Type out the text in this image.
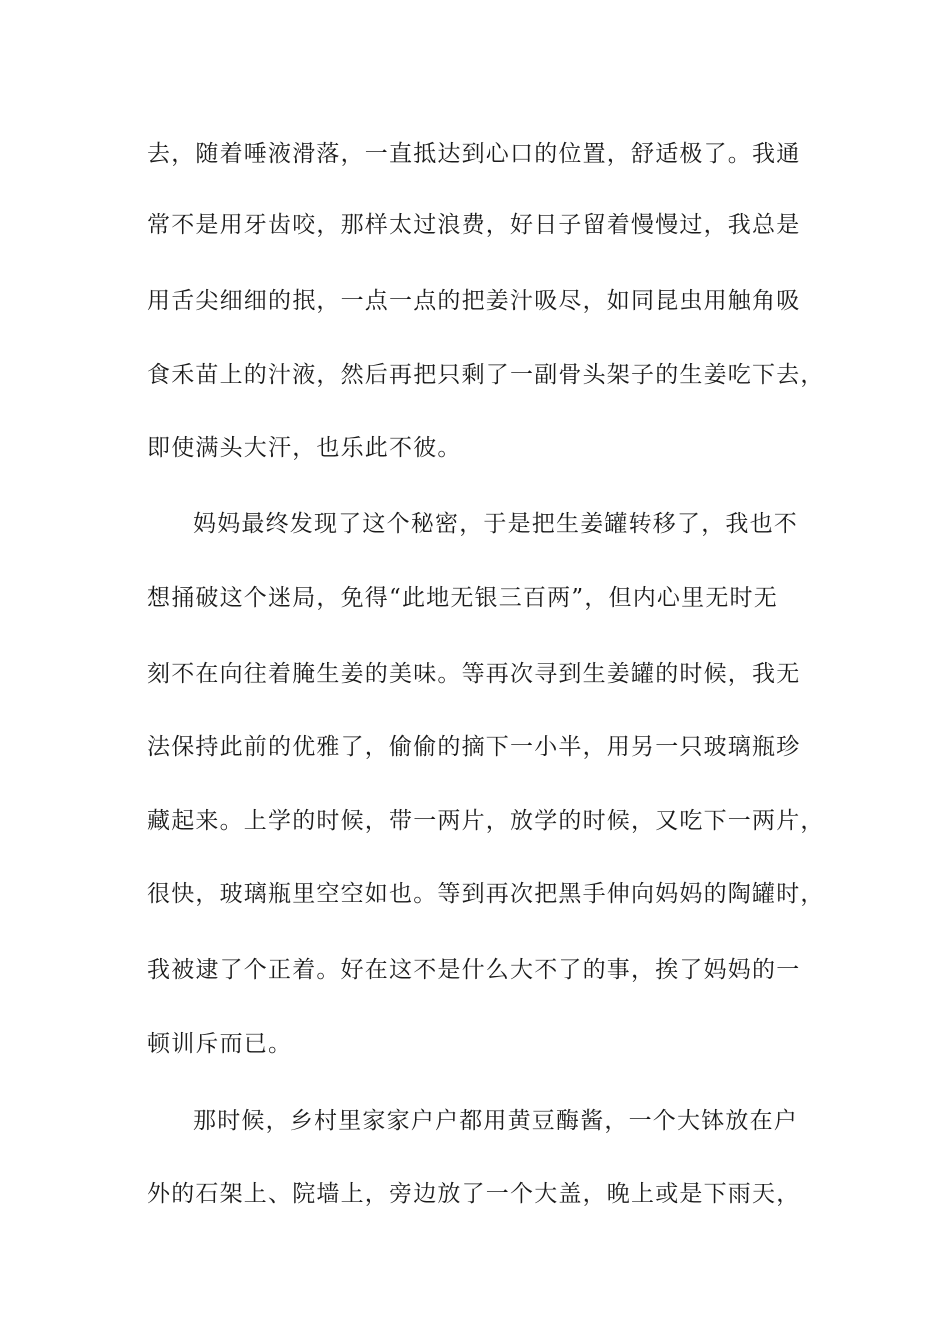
去，随着唾液滑落，一直抵达到心口的位置，舒适极了。我通
常不是用牙齿咬，那样太过浪费，好日子留着慢慢过，我总是
用舌尖细细的抿，一点一点的把姜汁吸尽，如同昆虫用触角吸
食禾苗上的汁液，然后再把只剩了一副骨头架子的生姜吃下去，
即使满头大汗，也乐此不彼。
妈妈最终发现了这个秘密，于是把生姜罐转移了，我也不
想捅破这个迷局，免得“此地无银三百两”，但内心里无时无
刻不在向往着腌生姜的美味。等再次寻到生姜罐的时候，我无
法保持此前的优雅了，偷偷的摘下一小半，用另一只玻璃瓶珍
藏起来。上学的时候，带一两片，放学的时候，又吃下一两片，
很快，玻璃瓶里空空如也。等到再次把黑手伸向妈妈的陶罐时，
我被逮了个正着。好在这不是什么大不了的事，挨了妈妈的一
顿训斥而已。
那时候，乡村里家家户户都用黄豆酶酱，一个大钵放在户
外的石架上、院墙上，旁边放了一个大盖，晚上或是下雨天，
